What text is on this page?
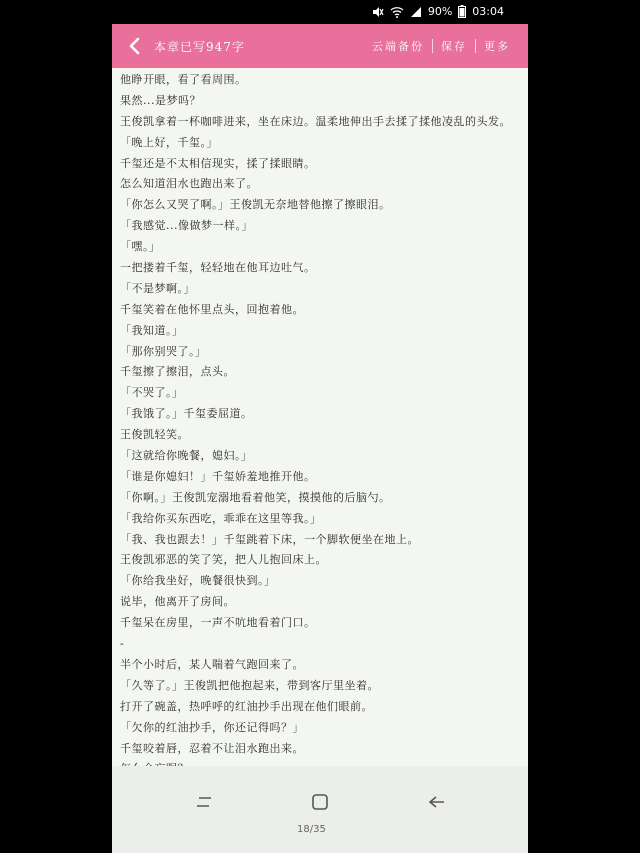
90% 03:04
本章已写947字	云端备份	保存	更多
他睁开眼，看了看周围。
果然...是梦吗？
王俊凯拿着一杯咖啡进来，坐在床边。温柔地伸出手去揉了揉他凌乱的头发。
「晚上好，千玺。」
千玺还是不太相信现实，揉了揉眼睛。
怎么知道泪水也跑出来了。
「你怎么又哭了啊。」王俊凯无奈地替他擦了擦眼泪。
「我感觉...像做梦一样。」
「嘿。」
一把搂着千玺，轻轻地在他耳边吐气。
「不是梦啊。」
千玺笑着在他怀里点头，回抱着他。
「我知道。」
「那你别哭了。」
千玺擦了擦泪，点头。
「不哭了。」
「我饿了。」千玺委屈道。
王俊凯轻笑。
「这就给你晚餐，媳妇。」
「谁是你媳妇！」千玺娇羞地推开他。
「你啊。」王俊凯宠溺地看着他笑，摸摸他的后脑勺。
「我给你买东西吃，乖乖在这里等我。」
「我、我也跟去！」千玺跳着下床，一个脚软便坐在地上。
王俊凯邪恶的笑了笑，把人儿抱回床上。
「你给我坐好，晚餐很快到。」
说毕，他离开了房间。
千玺呆在房里，一声不吭地看着门口。
-
半个小时后，某人喘着气跑回来了。
「久等了。」王俊凯把他抱起来，带到客厅里坐着。
打开了碗盖，热呼呼的红油抄手出现在他们眼前。
「欠你的红油抄手，你还记得吗？」
千玺咬着唇，忍着不让泪水跑出来。
18/35
